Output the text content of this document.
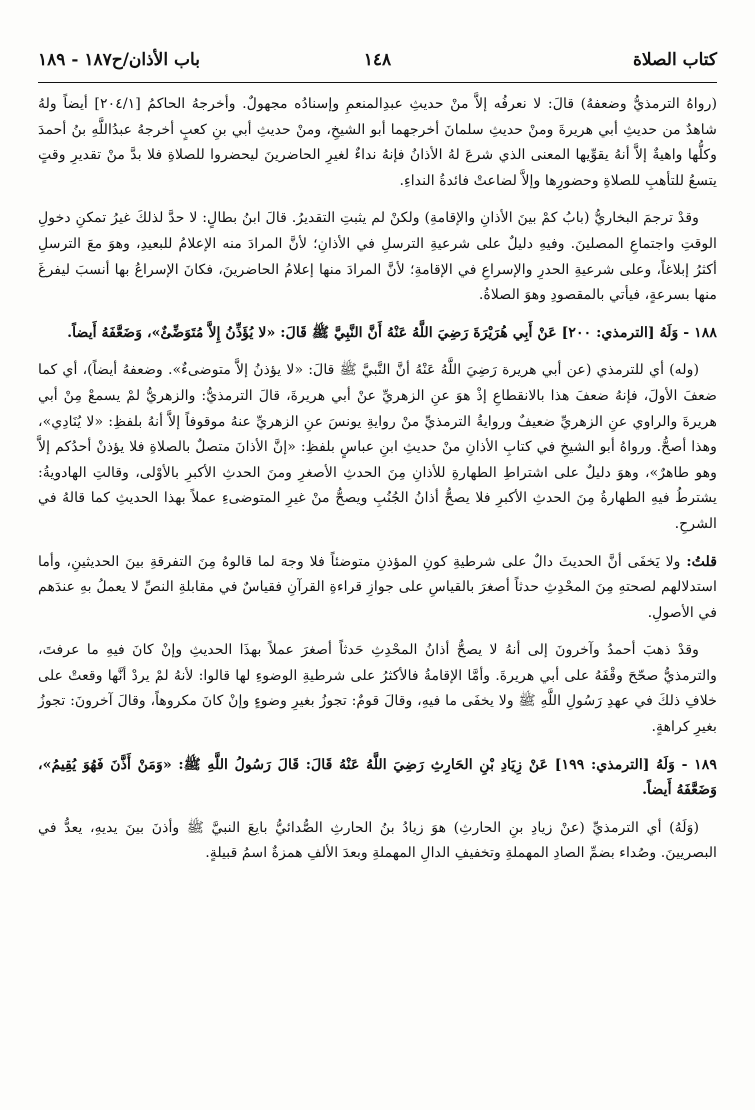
كتاب الصلاة
١٤٨
باب الأذان/ح١٨٧ - ١٨٩

(رواهُ الترمذيُّ وضعفهُ) قالَ: لا نعرفُه إلاَّ منْ حديثِ عبدِالمنعمِ وإسنادُه مجهولٌ. وأخرجهُ الحاكمُ [٢٠٤/١] أيضاً ولهُ شاهدٌ من حديثِ أبي هريرةَ ومنْ حديثِ سلمانَ أخرجهما أبو الشيخِ، ومنْ حديثِ أبي بنِ كعبٍ أخرجهُ عبدُاللَّهِ بنُ أحمدَ وكلُّها واهيةٌ إلاَّ أنهُ يقوِّيها المعنى الذي شرعَ لهُ الأذانُ فإنهُ نداءٌ لغيرِ الحاضرينَ ليحضروا للصلاةِ فلا بدَّ منْ تقديرِ وقتٍ يتسعُ للتأهبِ للصلاةِ وحضورِها وإلاَّ لضاعتْ فائدةُ النداءِ.

وقدْ ترجمَ البخاريُّ (بابُ كمْ بينَ الأذانِ والإقامةِ) ولكنْ لم يثبتِ التقديرُ. قالَ ابنُ بطالٍ: لا حدَّ لذلكَ غيرُ تمكنِ دخولِ الوقتِ واجتماعِ المصلينَ. وفيهِ دليلٌ على شرعيةِ الترسلِ في الأذانِ؛ لأنَّ المرادَ منه الإعلامُ للبعيدِ، وهوَ معَ الترسلِ أكثرُ إبلاغاً، وعلى شرعيةِ الحدرِ والإسراعِ في الإقامةِ؛ لأنَّ المرادَ منها إعلامُ الحاضرينَ، فكانَ الإسراعُ بها أنسبَ ليفرغَ منها بسرعةٍ، فيأتي بالمقصودِ وهوَ الصلاةُ.

١٨٨ - وَلَهُ [الترمذي: ٢٠٠] عَنْ أَبِي هُرَيْرَةَ رَضِيَ اللَّهُ عَنْهُ أَنَّ النَّبِيَّ ﷺ قَالَ: «لا يُؤَذِّنُ إِلاَّ مُتَوَضِّئٌ»، وَضَعَّفَهُ أَيضاً.

(وله) أي للترمذي (عن أبي هريرة رَضِيَ اللَّهُ عَنْهُ أنَّ النَّبيَّ ﷺ قالَ: «لا يؤذنُ إلاَّ متوضىءٌ». وضعفهُ أيضاً)، أي كما ضعفَ الأولَ، فإنهُ ضعفَ هذا بالانقطاعِ إذْ هوَ عنِ الزهريِّ عنْ أبي هريرةَ، قالَ الترمذيُّ: والزهريُّ لمْ يسمعْ مِنْ أبي هريرةَ والراوي عنِ الزهريِّ ضعيفٌ وروايةُ الترمذيِّ منْ روايةِ يونسَ عنِ الزهريِّ عنهُ موقوفاً إلاَّ أنهُ بلفظِ: «لا يُنَادِي»، وهذا أصحُّ. ورواهُ أبو الشيخِ في كتابِ الأذانِ منْ حديثِ ابنِ عباسٍ بلفظِ: «إنَّ الأذانَ متصلٌ بالصلاةِ فلا يؤذنْ أحدُكم إلاَّ وهو طاهرٌ»، وهوَ دليلٌ على اشتراطِ الطهارةِ للأذانِ مِنَ الحدثِ الأصغرِ ومنَ الحدثِ الأكبرِ بالأوْلى، وقالتِ الهادويةُ: يشترطُ فيهِ الطهارةُ مِنَ الحدثِ الأكبرِ فلا يصحُّ أذانُ الجُنُبِ ويصحُّ منْ غيرِ المتوضىءِ عملاً بهذا الحديثِ كما قالهُ في الشرحِ.

قلتُ: ولا يَخفَى أنَّ الحديثَ دالٌ على شرطيةِ كونِ المؤذنِ متوضئاً فلا وجهَ لما قالوهُ مِنَ التفرقةِ بينَ الحديثينِ، وأما استدلالهم لصحتهِ مِنَ المحْدِثِ حدثاً أصغرَ بالقياسِ على جوازِ قراءةِ القرآنِ فقياسٌ في مقابلةِ النصِّ لا يعملُ بهِ عندَهم في الأصولِ.

وقدْ ذهبَ أحمدُ وآخرونَ إلى أنهُ لا يصحُّ أذانُ المحْدِثِ حَدثاً أصغرَ عملاً بهذَا الحديثِ وإنْ كانَ فيهِ ما عرفتَ، والترمذيُّ صحّحَ وقْفَهُ على أبي هريرةَ. وأمَّا الإقامةُ فالأكثرُ على شرطيةِ الوضوءِ لها قالوا: لأنهُ لمْ يردْ أنَّها وقعتْ على خلافِ ذلكَ في عهدِ رَسُولِ اللَّهِ ﷺ ولا يخفَى ما فيهِ، وقالَ قومٌ: تجوزُ بغيرِ وضوءٍ وإنْ كانَ مكروهاً، وقالَ آخرونَ: تجوزُ بغيرِ كراهةٍ.

١٨٩ - وَلَهُ [الترمذي: ١٩٩] عَنْ زِيَادِ بْنِ الحَارِثِ رَضِيَ اللَّهُ عَنْهُ قَالَ: قَالَ رَسُولُ اللَّهِ ﷺ: «وَمَنْ أَذَّنَ فَهُوَ يُقِيمُ»، وَضَعَّفَهُ أَيضاً.

(وَلَهُ) أي الترمذيِّ (عنْ زيادِ بنِ الحارثِ) هوَ زيادُ بنُ الحارثِ الصُّدائيُّ بايعَ النبيَّ ﷺ وأذنَ بينَ يديهِ، يعدُّ في البصريينَ. وصُداء بضمِّ الصادِ المهملةِ وتخفيفِ الدالِ المهملةِ وبعدَ الألفِ همزةٌ اسمُ قبيلةٍ.
